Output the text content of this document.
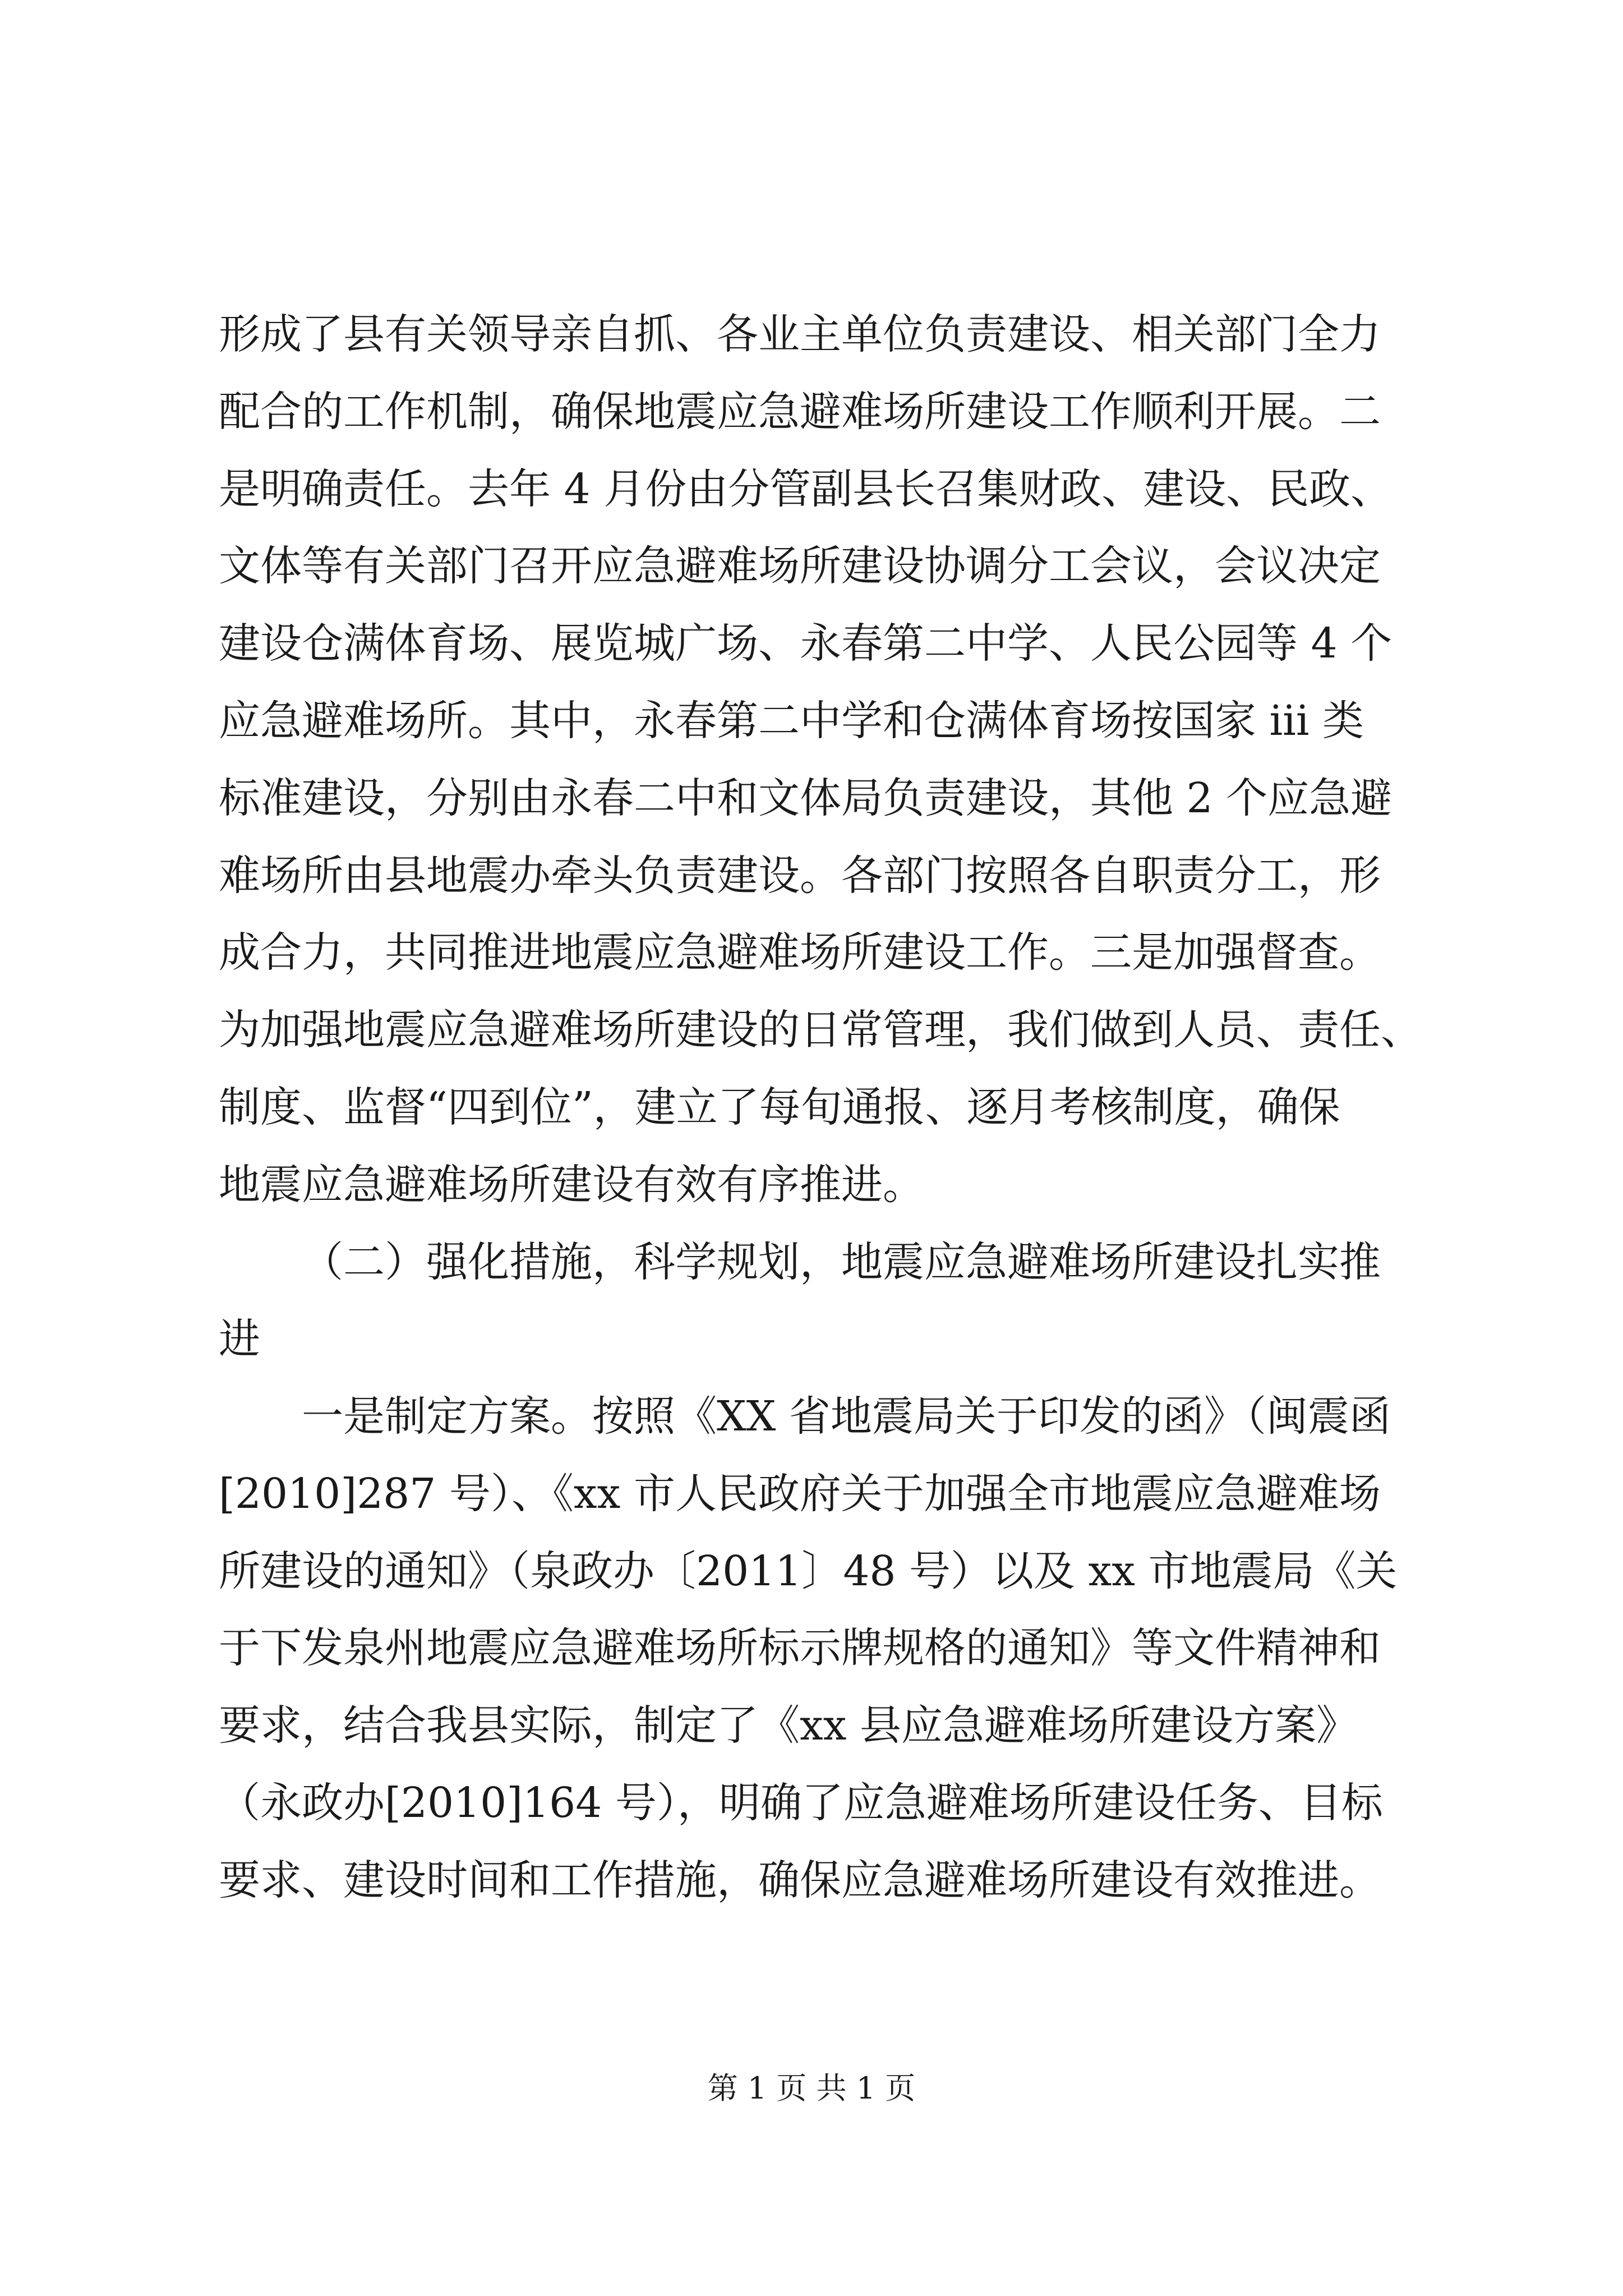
形成了县有关领导亲自抓、各业主单位负责建设、相关部门全力
配合的工作机制，确保地震应急避难场所建设工作顺利开展。二
是明确责任。去年 4 月份由分管副县长召集财政、建设、民政、
文体等有关部门召开应急避难场所建设协调分工会议，会议决定
建设仓满体育场、展览城广场、永春第二中学、人民公园等 4 个
应急避难场所。其中，永春第二中学和仓满体育场按国家 iii 类
标准建设，分别由永春二中和文体局负责建设，其他 2 个应急避
难场所由县地震办牵头负责建设。各部门按照各自职责分工，形
成合力，共同推进地震应急避难场所建设工作。三是加强督查。
为加强地震应急避难场所建设的日常管理，我们做到人员、责任、
制度、监督“四到位”，建立了每旬通报、逐月考核制度，确保
地震应急避难场所建设有效有序推进。
（二）强化措施，科学规划，地震应急避难场所建设扎实推
进
一是制定方案。按照《XX 省地震局关于印发的函》（闽震函
[2010]287 号）、《xx 市人民政府关于加强全市地震应急避难场
所建设的通知》（泉政办〔2011〕48 号）以及 xx 市地震局《关
于下发泉州地震应急避难场所标示牌规格的通知》等文件精神和
要求，结合我县实际，制定了《xx 县应急避难场所建设方案》
（永政办[2010]164 号），明确了应急避难场所建设任务、目标
要求、建设时间和工作措施，确保应急避难场所建设有效推进。
第 1 页 共 1 页
